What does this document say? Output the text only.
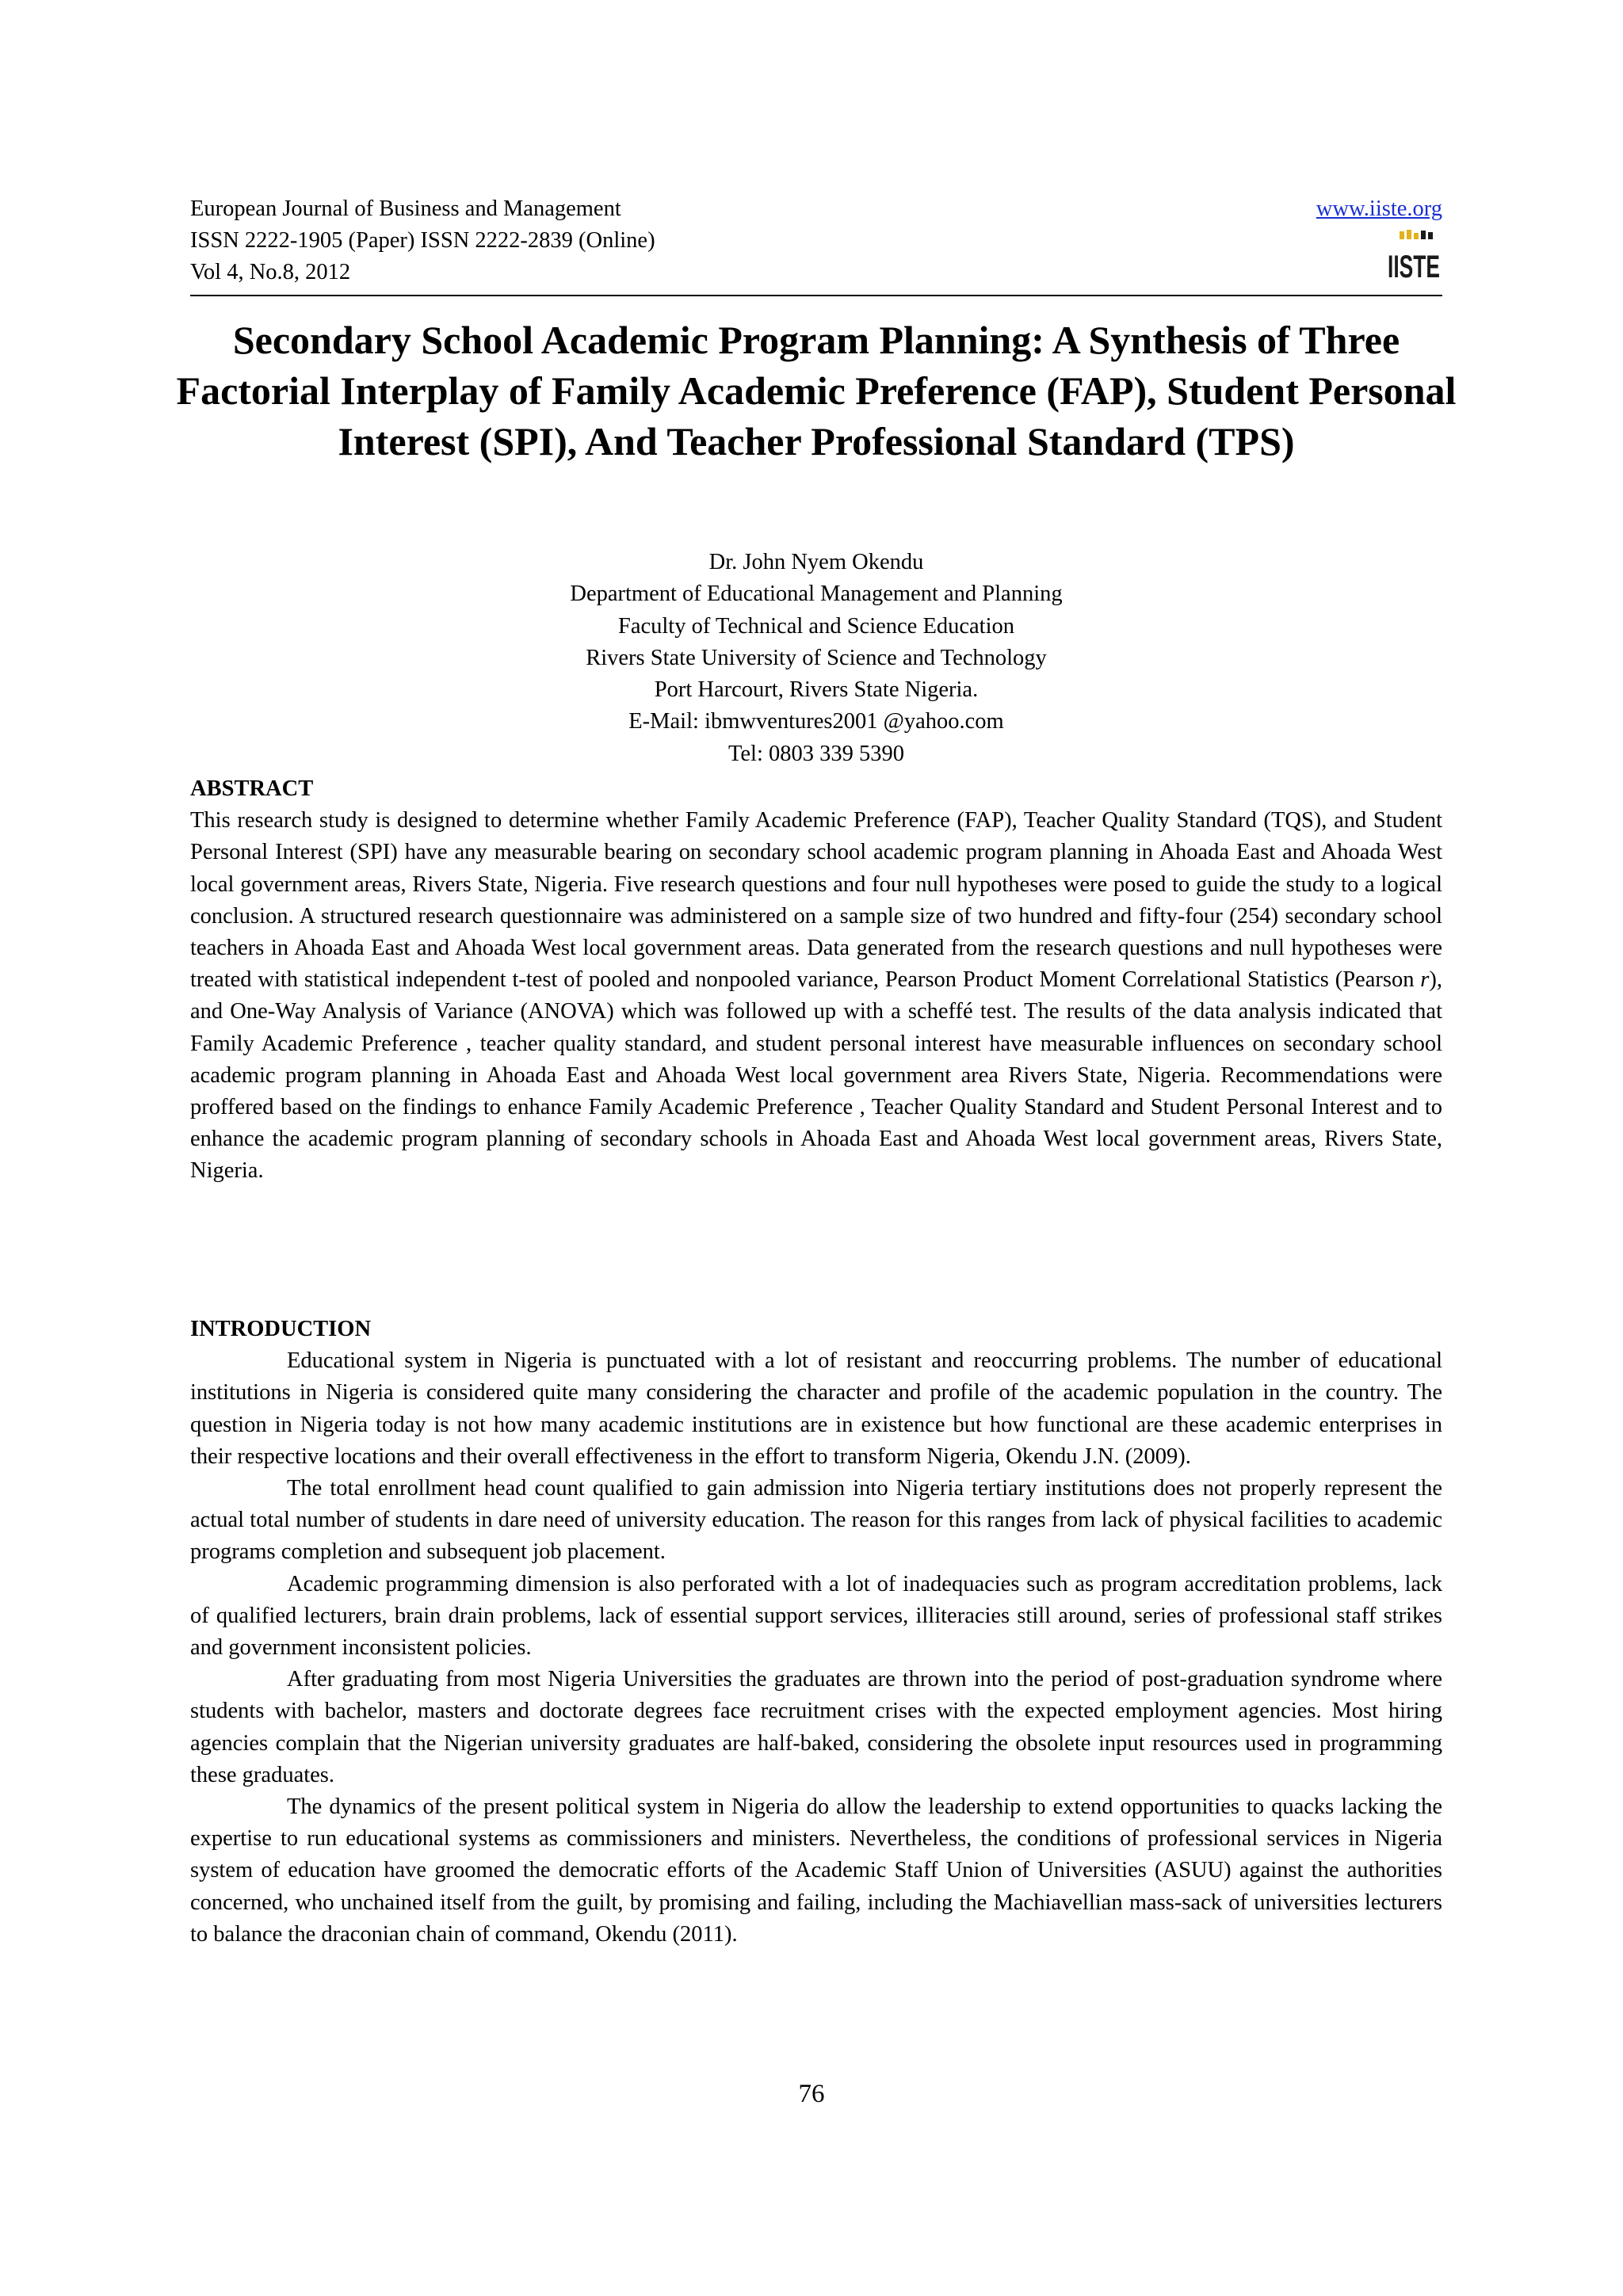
European Journal of Business and Management
ISSN 2222-1905 (Paper) ISSN 2222-2839 (Online)
Vol 4, No.8, 2012
www.iiste.org
IISTE
Secondary School Academic Program Planning: A Synthesis of Three Factorial Interplay of Family Academic Preference (FAP), Student Personal Interest (SPI), And Teacher Professional Standard (TPS)
Dr. John Nyem Okendu
Department of Educational Management and Planning
Faculty of Technical and Science Education
Rivers State University of Science and Technology
Port Harcourt, Rivers State Nigeria.
E-Mail: ibmwventures2001 @yahoo.com
Tel: 0803 339 5390
ABSTRACT
This research study is designed to determine whether Family Academic Preference (FAP), Teacher Quality Standard (TQS), and Student Personal Interest (SPI) have any measurable bearing on secondary school academic program planning in Ahoada East and Ahoada West local government areas, Rivers State, Nigeria. Five research questions and four null hypotheses were posed to guide the study to a logical conclusion. A structured research questionnaire was administered on a sample size of two hundred and fifty-four (254) secondary school teachers in Ahoada East and Ahoada West local government areas. Data generated from the research questions and null hypotheses were treated with statistical independent t-test of pooled and nonpooled variance, Pearson Product Moment Correlational Statistics (Pearson r), and One-Way Analysis of Variance (ANOVA) which was followed up with a scheffé test. The results of the data analysis indicated that Family Academic Preference , teacher quality standard, and student personal interest have measurable influences on secondary school academic program planning in Ahoada East and Ahoada West local government area Rivers State, Nigeria. Recommendations were proffered based on the findings to enhance Family Academic Preference , Teacher Quality Standard and Student Personal Interest and to enhance the academic program planning of secondary schools in Ahoada East and Ahoada West local government areas, Rivers State, Nigeria.
INTRODUCTION

Educational system in Nigeria is punctuated with a lot of resistant and reoccurring problems. The number of educational institutions in Nigeria is considered quite many considering the character and profile of the academic population in the country. The question in Nigeria today is not how many academic institutions are in existence but how functional are these academic enterprises in their respective locations and their overall effectiveness in the effort to transform Nigeria, Okendu J.N. (2009).

The total enrollment head count qualified to gain admission into Nigeria tertiary institutions does not properly represent the actual total number of students in dare need of university education. The reason for this ranges from lack of physical facilities to academic programs completion and subsequent job placement.

Academic programming dimension is also perforated with a lot of inadequacies such as program accreditation problems, lack of qualified lecturers, brain drain problems, lack of essential support services, illiteracies still around, series of professional staff strikes and government inconsistent policies.

After graduating from most Nigeria Universities the graduates are thrown into the period of post-graduation syndrome where students with bachelor, masters and doctorate degrees face recruitment crises with the expected employment agencies. Most hiring agencies complain that the Nigerian university graduates are half-baked, considering the obsolete input resources used in programming these graduates.

The dynamics of the present political system in Nigeria do allow the leadership to extend opportunities to quacks lacking the expertise to run educational systems as commissioners and ministers. Nevertheless, the conditions of professional services in Nigeria system of education have groomed the democratic efforts of the Academic Staff Union of Universities (ASUU) against the authorities concerned, who unchained itself from the guilt, by promising and failing, including the Machiavellian mass-sack of universities lecturers to balance the draconian chain of command, Okendu (2011).

76
